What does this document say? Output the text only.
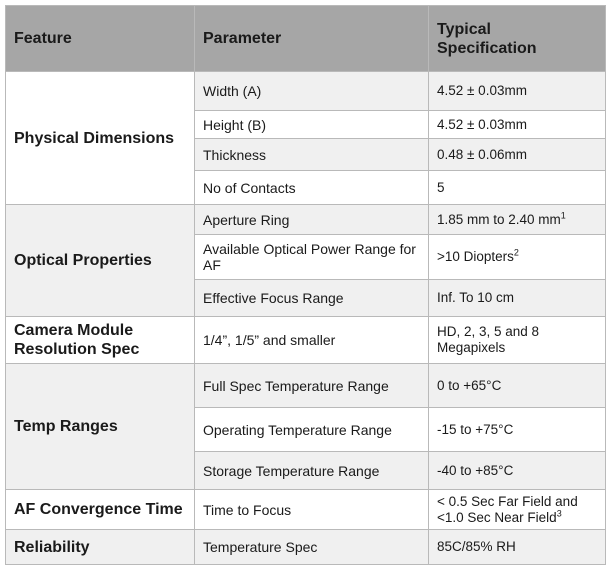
Feature	Parameter	Typical Specification
Physical Dimensions	Width (A)	4.52 ± 0.03mm
	Height (B)	4.52 ± 0.03mm
	Thickness	0.48 ± 0.06mm
	No of Contacts	5
Optical Properties	Aperture Ring	1.85 mm to 2.40 $mm^1$
	Available Optical Power Range for AF	>10 Diopters$^2$
	Effective Focus Range	Inf. To 10 cm
Camera Module Resolution Spec	1/4”, 1/5” and smaller	HD, 2, 3, 5 and 8 Megapixels
Temp Ranges	Full Spec Temperature Range	0 to +65°C
	Operating Temperature Range	-15 to +75°C
	Storage Temperature Range	-40 to +85°C
AF Convergence Time	Time to Focus	< 0.5 Sec Far Field and
<1.0 Sec Near Field$^3$

Reliability	Temperature Spec	85C/85% RH
